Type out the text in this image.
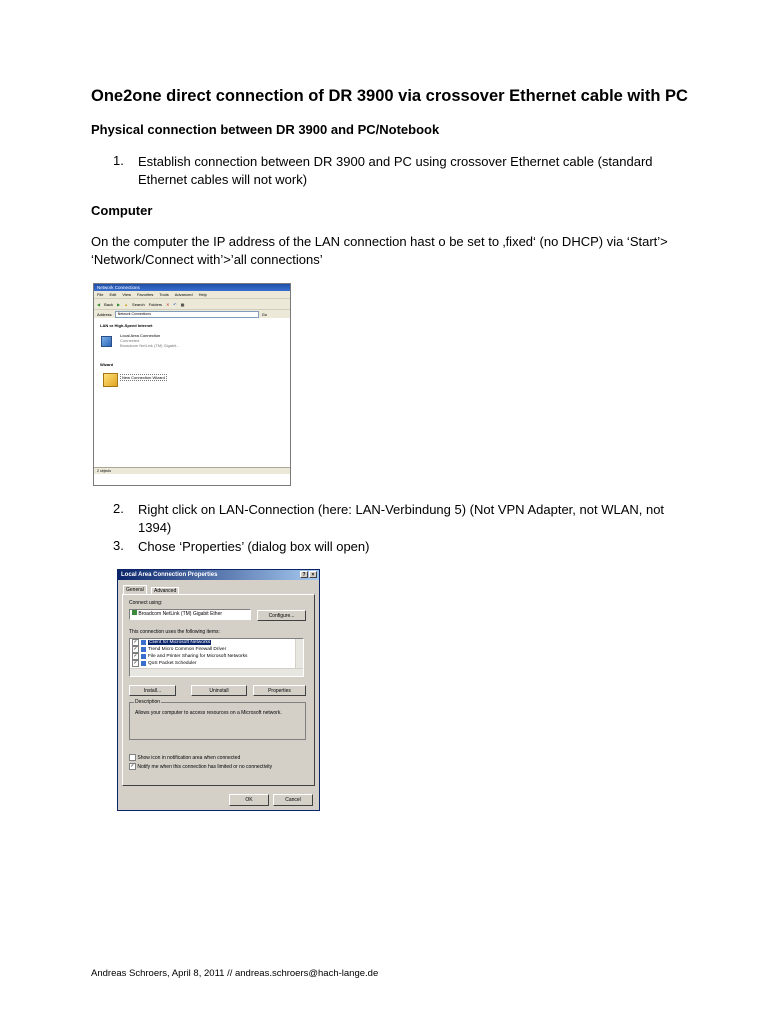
One2one direct connection of DR 3900 via crossover Ethernet cable with PC
Physical connection between DR 3900 and PC/Notebook
1. Establish connection between DR 3900 and PC using crossover Ethernet cable (standard Ethernet cables will not work)
Computer
On the computer the IP address of the LAN connection hast o be set to ‚fixed‘ (no DHCP) via ‘Start’> ‘Network/Connect with’>’all connections’
Network Connections
File Edit View Favorites Tools Advanced Help
◀ Back ▶ ▲ Search Folders ✕ ↶ ▦
Address	Network Connections	Go
LAN or High-Speed Internet
Local Area Connection
Connected
Broadcom NetLink (TM) Gigabit...
Wizard
New Connection Wizard
2 objects
2. Right click on LAN-Connection (here: LAN-Verbindung 5) (Not VPN Adapter, not WLAN, not 1394)
3. Chose ‘Properties’ (dialog box will open)
Local Area Connection Properties	?	×
General	Advanced
Connect using:
Broadcom NetLink (TM) Gigabit Ether	Configure...
This connection uses the following items:
✓ Client for Microsoft Networks
✓ Trend Micro Common Firewall Driver
✓ File and Printer Sharing for Microsoft Networks
✓ QoS Packet Scheduler
Install...	Uninstall	Properties
Description
Allows your computer to access resources on a Microsoft network.
Show icon in notification area when connected
✓ Notify me when this connection has limited or no connectivity
OK	Cancel
Andreas Schroers, April 8, 2011 // andreas.schroers@hach-lange.de
